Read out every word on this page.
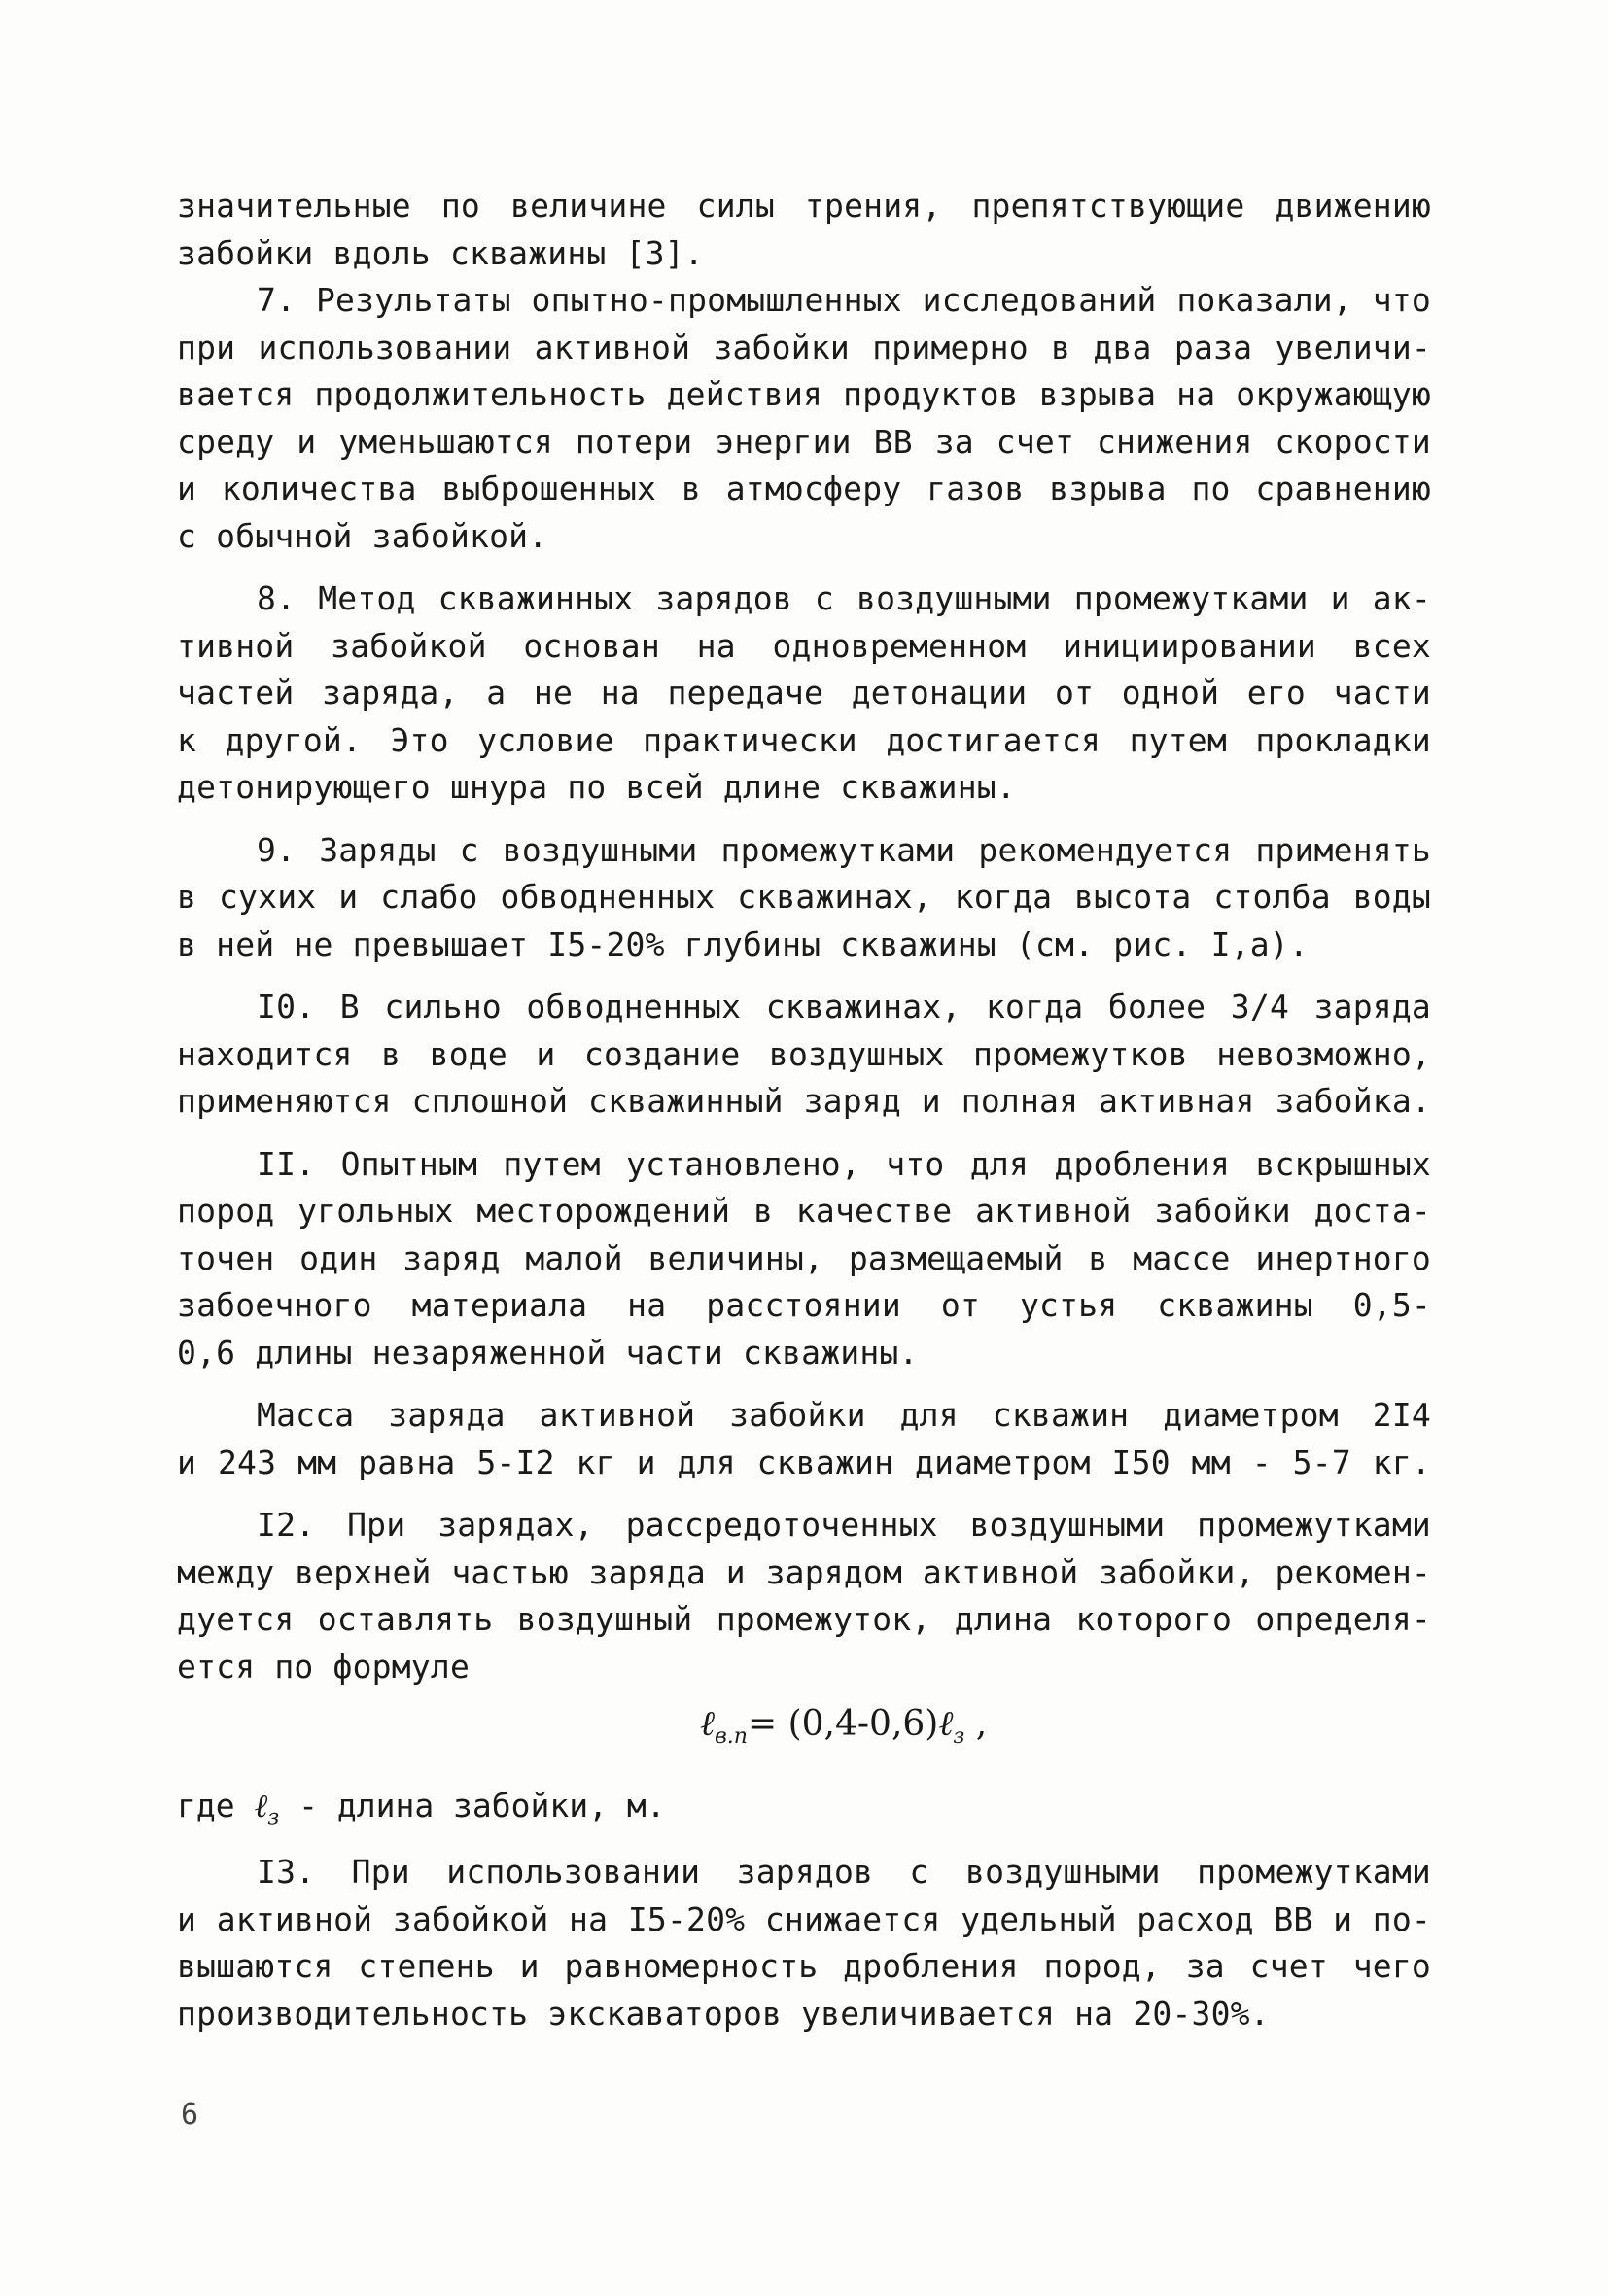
значительные по величине силы трения, препятствующие движению
забойки вдоль скважины [3].
7. Результаты опытно-промышленных исследований показали, что
при использовании активной забойки примерно в два раза увеличи-
вается продолжительность действия продуктов взрыва на окружающую
среду и уменьшаются потери энергии ВВ за счет снижения скорости
и количества выброшенных в атмосферу газов взрыва по сравнению
с обычной забойкой.
8. Метод скважинных зарядов с воздушными промежутками и ак-
тивной забойкой основан на одновременном инициировании всех
частей заряда, а не на передаче детонации от одной его части
к другой. Это условие практически достигается путем прокладки
детонирующего шнура по всей длине скважины.
9. Заряды с воздушными промежутками рекомендуется применять
в сухих и слабо обводненных скважинах, когда высота столба воды
в ней не превышает I5-20% глубины скважины (см. рис. I,а).
I0. В сильно обводненных скважинах, когда более 3/4 заряда
находится в воде и создание воздушных промежутков невозможно,
применяются сплошной скважинный заряд и полная активная забойка.
II. Опытным путем установлено, что для дробления вскрышных
пород угольных месторождений в качестве активной забойки доста-
точен один заряд малой величины, размещаемый в массе инертного
забоечного материала на расстоянии от устья скважины 0,5-
0,6 длины незаряженной части скважины.
Масса заряда активной забойки для скважин диаметром 2I4
и 243 мм равна 5-I2 кг и для скважин диаметром I50 мм - 5-7 кг.
I2. При зарядах, рассредоточенных воздушными промежутками
между верхней частью заряда и зарядом активной забойки, рекомен-
дуется оставлять воздушный промежуток, длина которого определя-
ется по формуле
ℓ$_{в.п}$= (0,4-0,6)ℓ$_з$ ,
где ℓ$_з$ - длина забойки, м.
I3. При использовании зарядов с воздушными промежутками
и активной забойкой на I5-20% снижается удельный расход ВВ и по-
вышаются степень и равномерность дробления пород, за счет чего
производительность экскаваторов увеличивается на 20-30%.
6
